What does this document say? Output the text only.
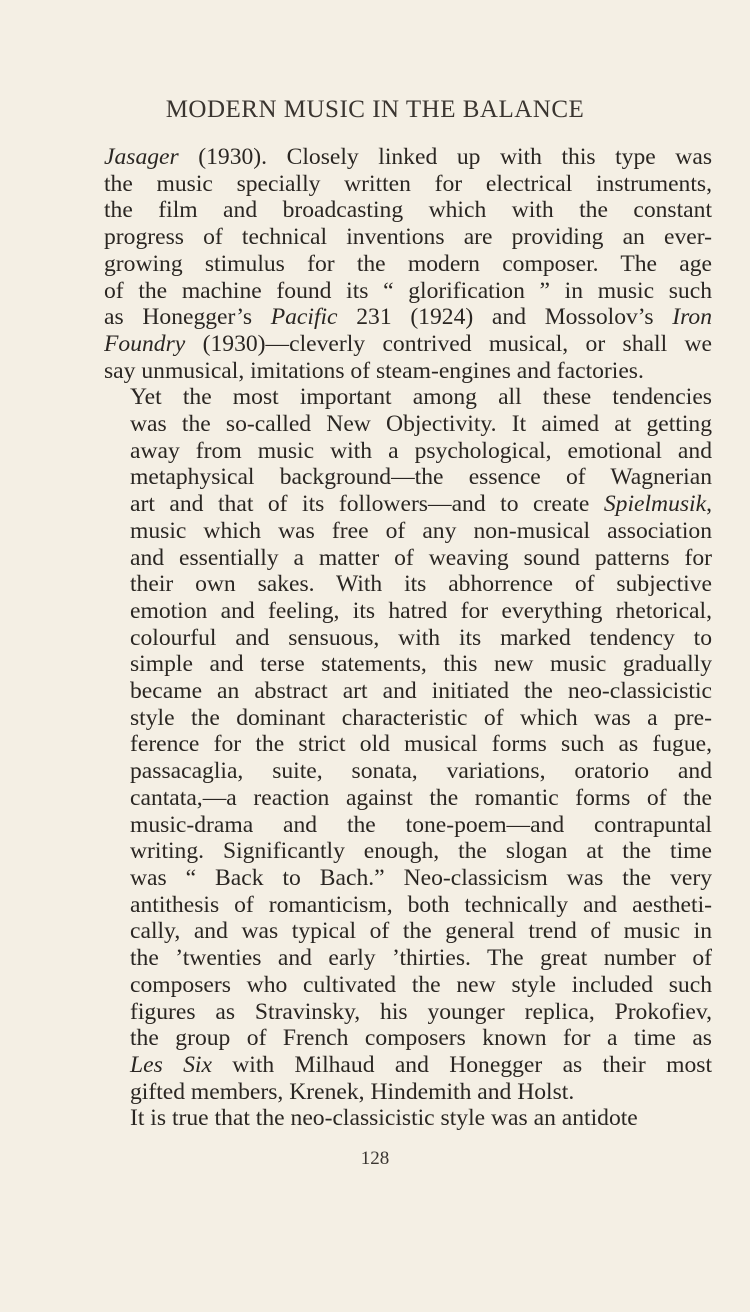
MODERN MUSIC IN THE BALANCE

Jasager (1930). Closely linked up with this type was
the music specially written for electrical instruments,
the film and broadcasting which with the constant
progress of technical inventions are providing an ever-
growing stimulus for the modern composer. The age
of the machine found its “ glorification ” in music such
as Honegger’s Pacific 231 (1924) and Mossolov’s Iron
Foundry (1930)—cleverly contrived musical, or shall we
say unmusical, imitations of steam-engines and factories.

Yet the most important among all these tendencies
was the so-called New Objectivity. It aimed at getting
away from music with a psychological, emotional and
metaphysical background—the essence of Wagnerian
art and that of its followers—and to create Spielmusik,
music which was free of any non-musical association
and essentially a matter of weaving sound patterns for
their own sakes. With its abhorrence of subjective
emotion and feeling, its hatred for everything rhetorical,
colourful and sensuous, with its marked tendency to
simple and terse statements, this new music gradually
became an abstract art and initiated the neo-classicistic
style the dominant characteristic of which was a pre-
ference for the strict old musical forms such as fugue,
passacaglia, suite, sonata, variations, oratorio and
cantata,—a reaction against the romantic forms of the
music-drama and the tone-poem—and contrapuntal
writing. Significantly enough, the slogan at the time
was “ Back to Bach.” Neo-classicism was the very
antithesis of romanticism, both technically and aestheti-
cally, and was typical of the general trend of music in
the ’twenties and early ’thirties. The great number of
composers who cultivated the new style included such
figures as Stravinsky, his younger replica, Prokofiev,
the group of French composers known for a time as
Les Six with Milhaud and Honegger as their most
gifted members, Krenek, Hindemith and Holst.

It is true that the neo-classicistic style was an antidote

128
